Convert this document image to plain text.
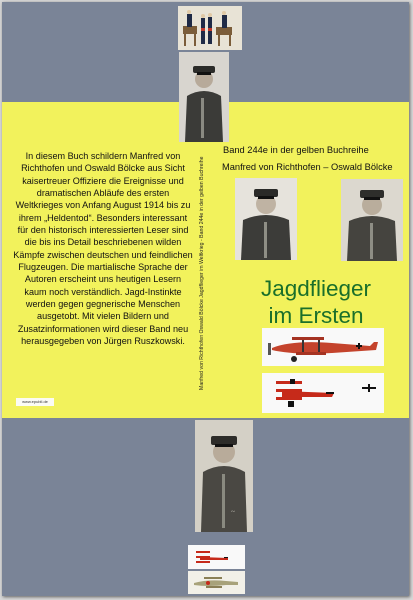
In diesem Buch schildern Manfred von Richthofen und Oswald Bölcke aus Sicht kaisertreuer Offiziere die Ereignisse und dramatischen Abläufe des ersten Weltkrieges von Anfang August 1914 bis zu ihrem „Heldentod“. Besonders interessant für den historisch interessierten Leser sind die bis ins Detail beschriebenen wilden Kämpfe zwischen deutschen und feindlichen Flugzeugen. Die martialische Sprache der Autoren erscheint uns heutigen Lesern kaum noch verständlich. Jagd-Instinkte werden gegen gegnerische Menschen ausgetobt. Mit vielen Bildern und Zusatzinformationen wird dieser Band neu herausgegeben von Jürgen Ruszkowski.
www.epubli.de
Manfred von Richthofen Oswald Bölcke Jagdflieger im Weltkrieg - Band 244e in der gelben Buchreihe
Band 244e in der gelben Buchreihe
Manfred von Richthofen – Oswald Bölcke
Jagdflieger
im Ersten
~
